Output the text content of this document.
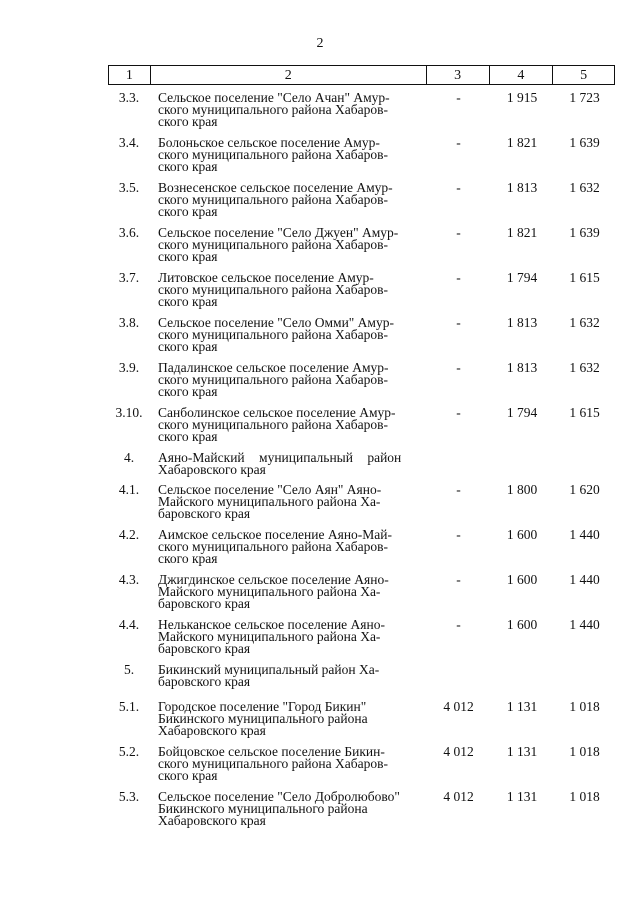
2
1	2	3	4	5
3.3.	Сельское поселение "Село Ачан" Амур-
ского муниципального района Хабаров-
ского края
-	1 915	1 723
3.4.	Болоньское сельское поселение Амур-
ского муниципального района Хабаров-
ского края
-	1 821	1 639
3.5.	Вознесенское сельское поселение Амур-
ского муниципального района Хабаров-
ского края
-	1 813	1 632
3.6.	Сельское поселение "Село Джуен" Амур-
ского муниципального района Хабаров-
ского края
-	1 821	1 639
3.7.	Литовское сельское поселение Амур-
ского муниципального района Хабаров-
ского края
-	1 794	1 615
3.8.	Сельское поселение "Село Омми" Амур-
ского муниципального района Хабаров-
ского края
-	1 813	1 632
3.9.	Падалинское сельское поселение Амур-
ского муниципального района Хабаров-
ского края
-	1 813	1 632
3.10.	Санболинское сельское поселение Амур-
ского муниципального района Хабаров-
ского края
-	1 794	1 615
4.	Аяно-Майский муниципальный район
Хабаровского края
4.1.	Сельское поселение "Село Аян" Аяно-
Майского муниципального района Ха-
баровского края
-	1 800	1 620
4.2.	Аимское сельское поселение Аяно-Май-
ского муниципального района Хабаров-
ского края
-	1 600	1 440
4.3.	Джигдинское сельское поселение Аяно-
Майского муниципального района Ха-
баровского края
-	1 600	1 440
4.4.	Нельканское сельское поселение Аяно-
Майского муниципального района Ха-
баровского края
-	1 600	1 440
5.	Бикинский муниципальный район Ха-
баровского края
5.1.	Городское поселение "Город Бикин"
Бикинского муниципального района
Хабаровского края
4 012	1 131	1 018
5.2.	Бойцовское сельское поселение Бикин-
ского муниципального района Хабаров-
ского края
4 012	1 131	1 018
5.3.	Сельское поселение "Село Добролюбово"
Бикинского муниципального района
Хабаровского края
4 012	1 131	1 018
